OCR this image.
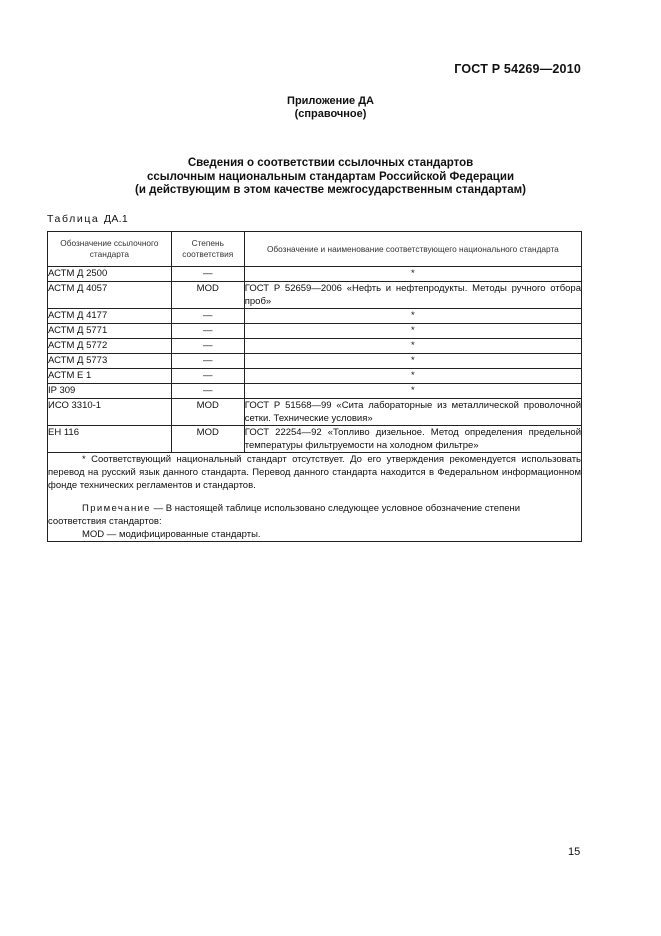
ГОСТ Р 54269—2010
Приложение ДА
(справочное)
Сведения о соответствии ссылочных стандартов
ссылочным национальным стандартам Российской Федерации
(и действующим в этом качестве межгосударственным стандартам)
Таблица ДА.1
Обозначение ссылочного стандарта	Степень соответствия	Обозначение и наименование соответствующего национального стандарта
АСТМ Д 2500	—	*
АСТМ Д 4057	MOD	ГОСТ Р 52659—2006 «Нефть и нефтепродукты. Методы ручного отбора проб»
АСТМ Д 4177	—	*
АСТМ Д 5771	—	*
АСТМ Д 5772	—	*
АСТМ Д 5773	—	*
АСТМ Е 1	—	*
IP 309	—	*
ИСО 3310-1	MOD	ГОСТ Р 51568—99 «Сита лабораторные из металлической проволочной сетки. Технические условия»
ЕН 116	MOD	ГОСТ 22254—92 «Топливо дизельное. Метод определения предельной температуры фильтруемости на холодном фильтре»

* Соответствующий национальный стандарт отсутствует. До его утверждения рекомендуется использовать перевод на русский язык данного стандарта. Перевод данного стандарта находится в Федеральном информационном фонде технических регламентов и стандартов.

Примечание — В настоящей таблице использовано следующее условное обозначение степени соответствия стандартов:

MOD — модифицированные стандарты.		

15
